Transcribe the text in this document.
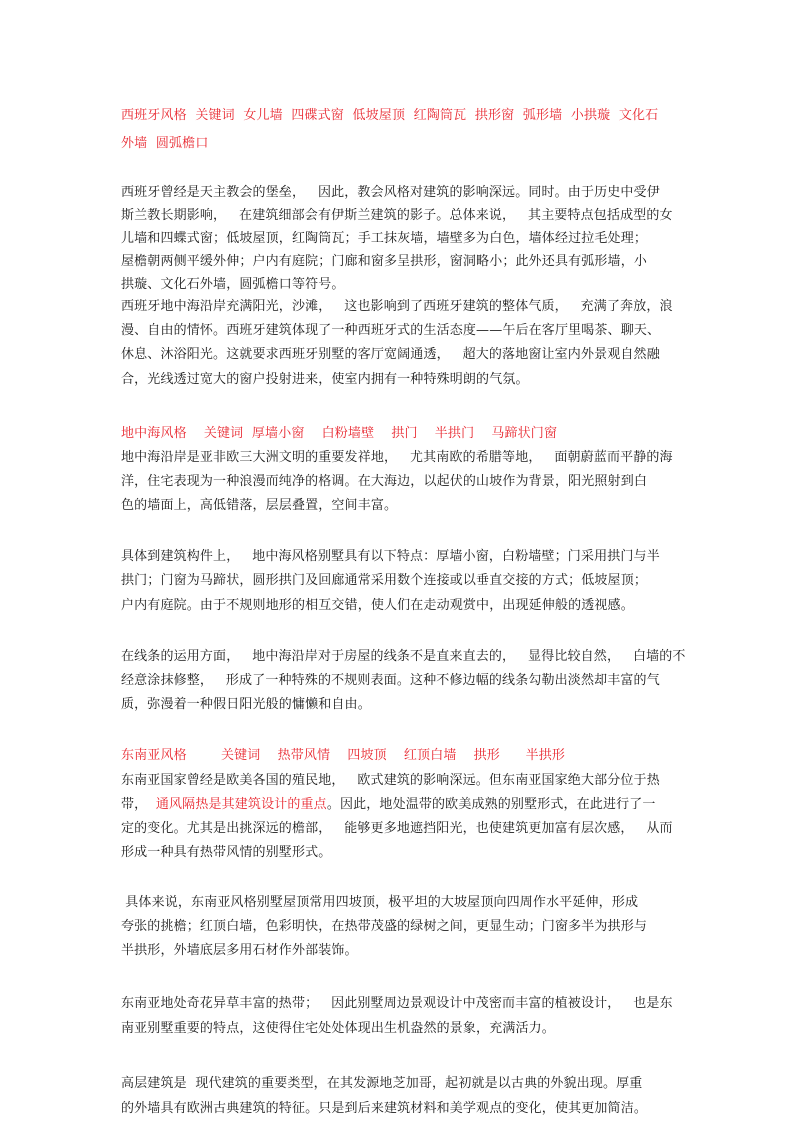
西班牙风格  关键词  女儿墙  四碟式窗  低坡屋顶  红陶筒瓦  拱形窗  弧形墙  小拱璇  文化石
外墙  圆弧檐口
西班牙曾经是天主教会的堡垒，   因此，教会风格对建筑的影响深远。同时。由于历史中受伊
斯兰教长期影响，   在建筑细部会有伊斯兰建筑的影子。总体来说，   其主要特点包括成型的女
儿墙和四蝶式窗；低坡屋顶，红陶筒瓦；手工抹灰墙，墙壁多为白色，墙体经过拉毛处理；
屋檐朝两侧平缓外伸；户内有庭院；门廊和窗多呈拱形，窗洞略小；此外还具有弧形墙，小
拱璇、文化石外墙，圆弧檐口等符号。
西班牙地中海沿岸充满阳光，沙滩，   这也影响到了西班牙建筑的整体气质，   充满了奔放，浪
漫、自由的情怀。西班牙建筑体现了一种西班牙式的生活态度——午后在客厅里喝茶、聊天、
休息、沐浴阳光。这就要求西班牙别墅的客厅宽阔通透，   超大的落地窗让室内外景观自然融
合，光线透过宽大的窗户投射进来，使室内拥有一种特殊明朗的气氛。
地中海风格    关键词  厚墙小窗    白粉墙壁    拱门    半拱门    马蹄状门窗
地中海沿岸是亚非欧三大洲文明的重要发祥地，   尤其南欧的希腊等地，   面朝蔚蓝而平静的海
洋，住宅表现为一种浪漫而纯净的格调。在大海边，以起伏的山坡作为背景，阳光照射到白
色的墙面上，高低错落，层层叠置，空间丰富。
具体到建筑构件上，   地中海风格别墅具有以下特点：厚墙小窗，白粉墙壁；门采用拱门与半
拱门；门窗为马蹄状，圆形拱门及回廊通常采用数个连接或以垂直交接的方式；低坡屋顶；
户内有庭院。由于不规则地形的相互交错，使人们在走动观赏中，出现延伸般的透视感。
在线条的运用方面，   地中海沿岸对于房屋的线条不是直来直去的，   显得比较自然，   白墙的不
经意涂抹修整，   形成了一种特殊的不规则表面。这种不修边幅的线条勾勒出淡然却丰富的气
质，弥漫着一种假日阳光般的慵懒和自由。
东南亚风格        关键词    热带风情    四坡顶    红顶白墙    拱形      半拱形
东南亚国家曾经是欧美各国的殖民地，   欧式建筑的影响深远。但东南亚国家绝大部分位于热
带，  通风隔热是其建筑设计的重点。因此，地处温带的欧美成熟的别墅形式，在此进行了一
定的变化。尤其是出挑深远的檐部，   能够更多地遮挡阳光，也使建筑更加富有层次感，   从而
形成一种具有热带风情的别墅形式。
具体来说，东南亚风格别墅屋顶常用四坡顶，极平坦的大坡屋顶向四周作水平延伸，形成
夸张的挑檐；红顶白墙，色彩明快，在热带茂盛的绿树之间，更显生动；门窗多半为拱形与
半拱形，外墙底层多用石材作外部装饰。
东南亚地处奇花异草丰富的热带；   因此别墅周边景观设计中茂密而丰富的植被设计，   也是东
南亚别墅重要的特点，这使得住宅处处体现出生机盎然的景象，充满活力。
高层建筑是  现代建筑的重要类型，在其发源地芝加哥，起初就是以古典的外貌出现。厚重
的外墙具有欧洲古典建筑的特征。只是到后来建筑材料和美学观点的变化，使其更加简洁。
